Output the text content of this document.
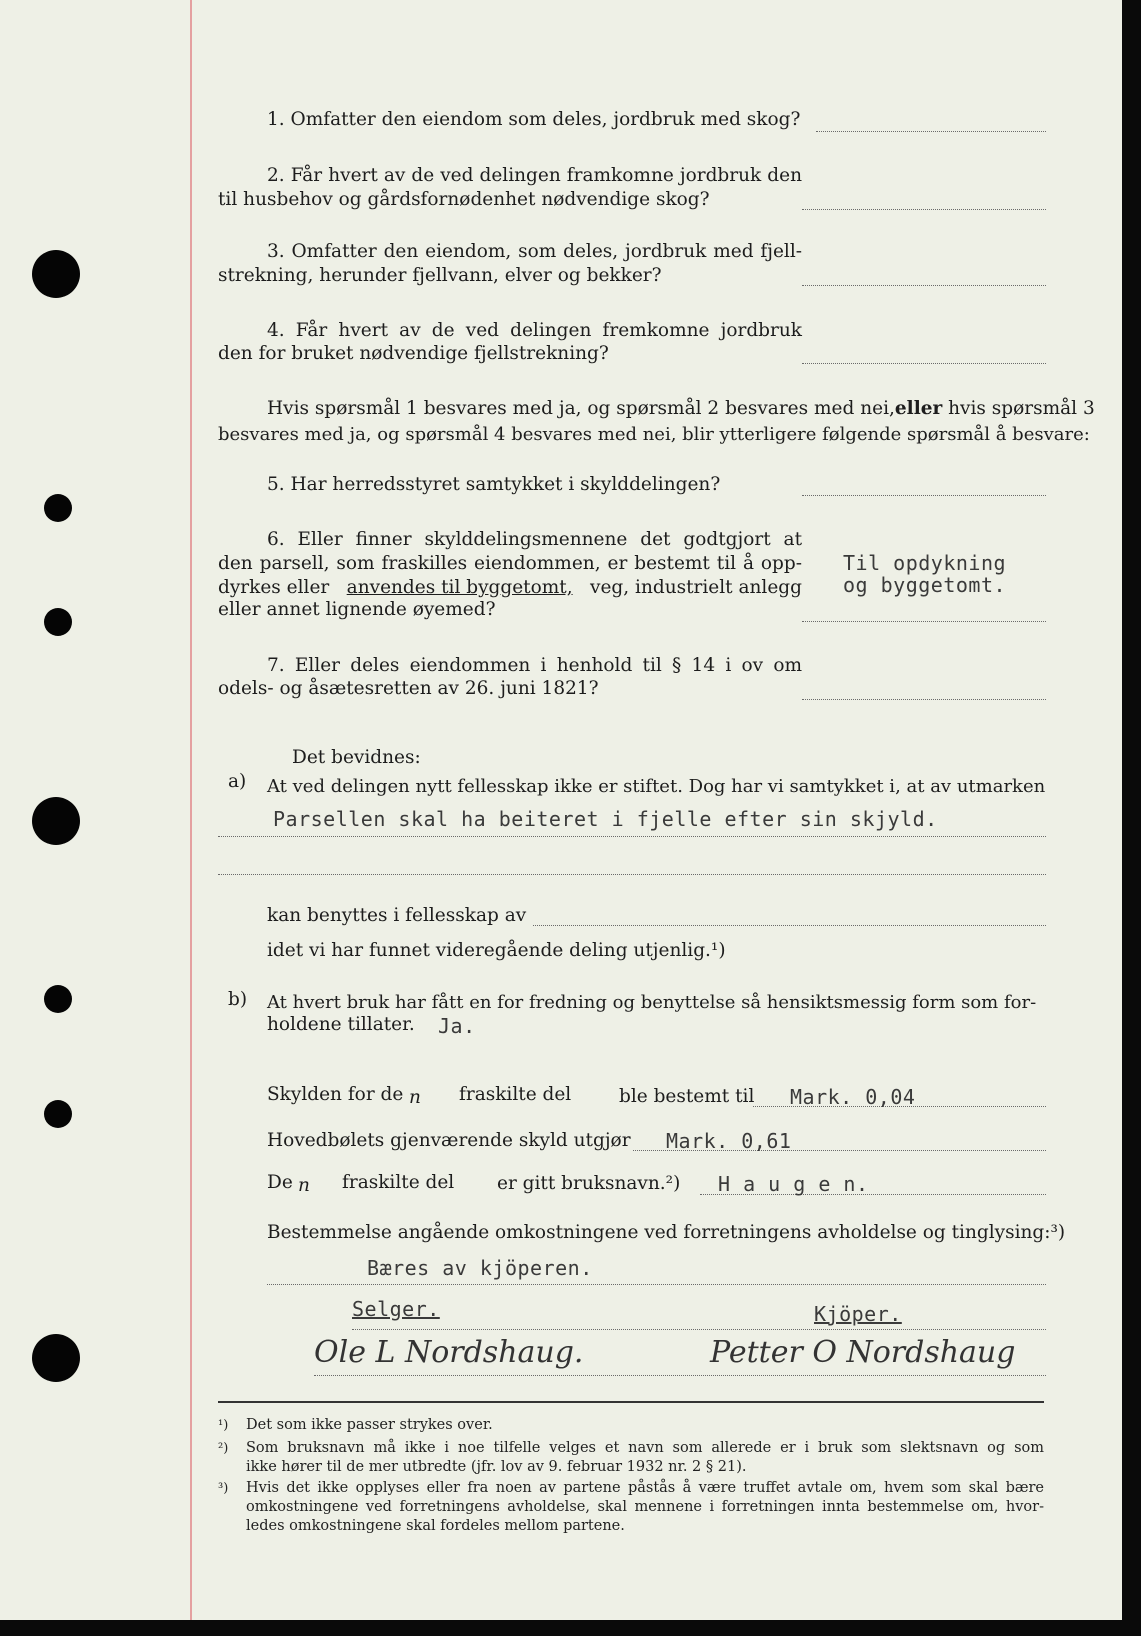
1. Omfatter den eiendom som deles, jordbruk med skog?
2. Får hvert av de ved delingen framkomne jordbruk den
til husbehov og gårdsfornødenhet nødvendige skog?
3. Omfatter den eiendom, som deles, jordbruk med fjell-
strekning, herunder fjellvann, elver og bekker?
4. Får hvert av de ved delingen fremkomne jordbruk
den for bruket nødvendige fjellstrekning?
Hvis spørsmål 1 besvares med ja, og spørsmål 2 besvares med nei, eller hvis spørsmål 3
besvares med ja, og spørsmål 4 besvares med nei, blir ytterligere følgende spørsmål å besvare:
5. Har herredsstyret samtykket i skylddelingen?
6. Eller finner skylddelingsmennene det godtgjort at
den parsell, som fraskilles eiendommen, er bestemt til å opp-
dyrkes eller anvendes til byggetomt, veg, industrielt anlegg
eller annet lignende øyemed?
Til opdykning
og byggetomt.
7. Eller deles eiendommen i henhold til § 14 i ov om
odels- og åsætesretten av 26. juni 1821?
Det bevidnes:
a) At ved delingen nytt fellesskap ikke er stiftet. Dog har vi samtykket i, at av utmarken
Parsellen skal ha beiteret i fjelle efter sin skjyld.
kan benyttes i fellesskap av
idet vi har funnet videregående deling utjenlig.¹)
b) At hvert bruk har fått en for fredning og benyttelse så hensiktsmessig form som for-
holdene tillater. Ja.
Skylden for de n fraskilte del	ble bestemt til Mark. 0,04
Hovedbølets gjenværende skyld utgjør Mark. 0,61
De n fraskilte del er gitt bruksnavn.²) H a u g e n.
Bestemmelse angående omkostningene ved forretningens avholdelse og tinglysing:³)
Bæres av kjöperen.
Selger.	Kjöper.
Ole L Nordshaug.	Petter O Nordshaug
¹) Det som ikke passer strykes over.
²) Som bruksnavn må ikke i noe tilfelle velges et navn som allerede er i bruk som slektsnavn og som
ikke hører til de mer utbredte (jfr. lov av 9. februar 1932 nr. 2 § 21).
³) Hvis det ikke opplyses eller fra noen av partene påstås å være truffet avtale om, hvem som skal bære
omkostningene ved forretningens avholdelse, skal mennene i forretningen innta bestemmelse om, hvor-
ledes omkostningene skal fordeles mellom partene.
